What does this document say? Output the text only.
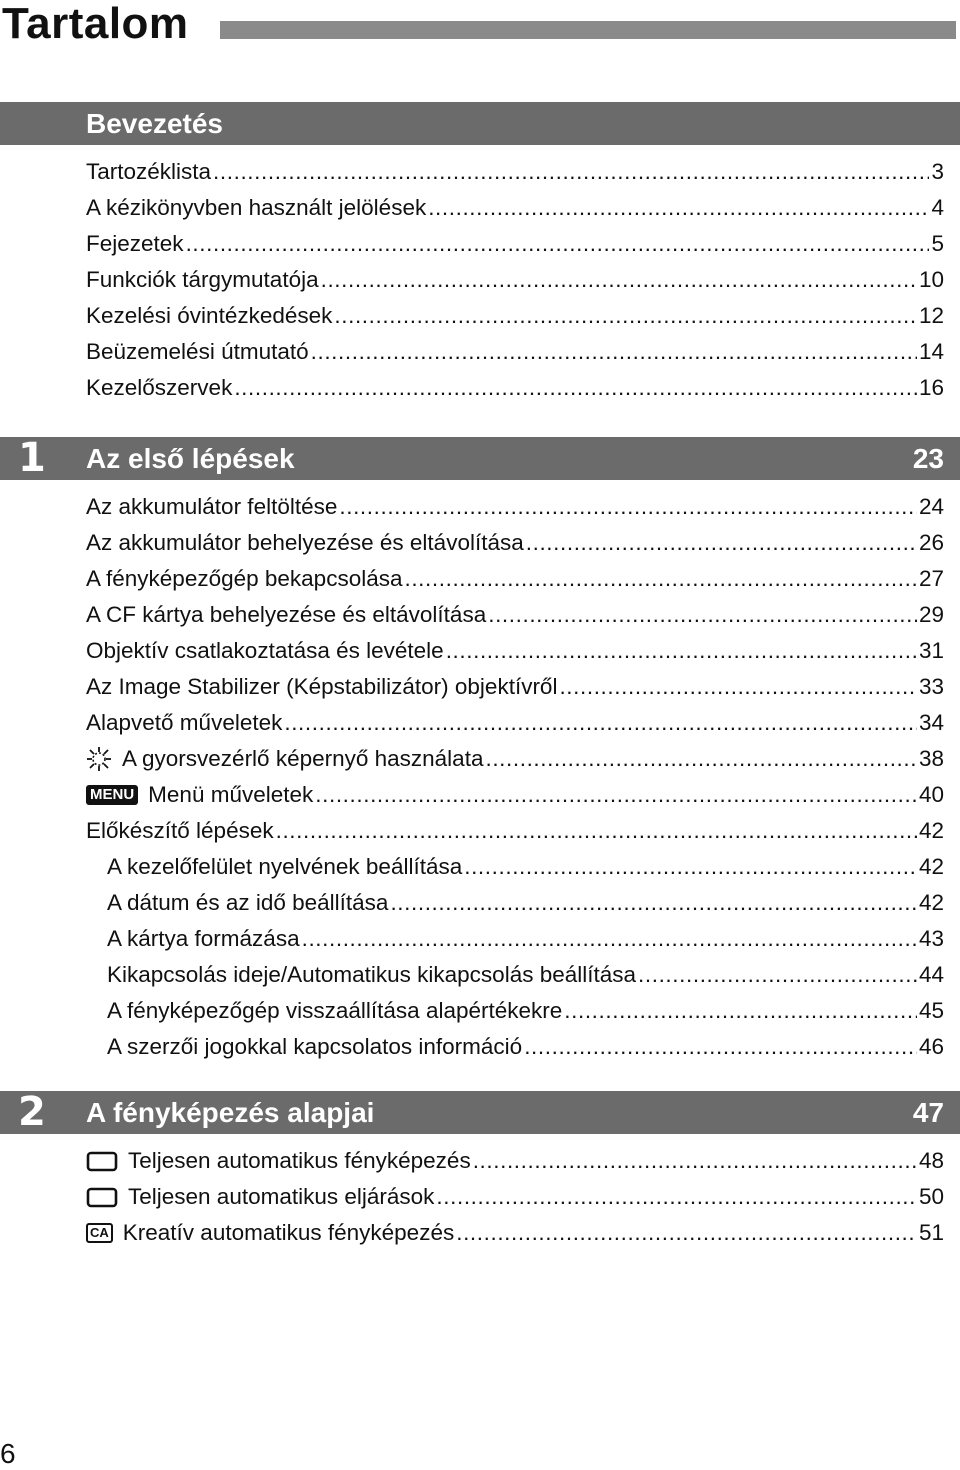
Tartalom
Bevezetés
Tartozéklista .....	3
A kézikönyvben használt jelölések .....	4
Fejezetek .....	5
Funkciók tárgymutatója .....	10
Kezelési óvintézkedések .....	12
Beüzemelési útmutató .....	14
Kezelőszervek .....	16
1 Az első lépések	23
Az akkumulátor feltöltése .....	24
Az akkumulátor behelyezése és eltávolítása .....	26
A fényképezőgép bekapcsolása .....	27
A CF kártya behelyezése és eltávolítása .....	29
Objektív csatlakoztatása és levétele .....	31
Az Image Stabilizer (Képstabilizátor) objektívről .....	33
Alapvető műveletek .....	34
A gyorsvezérlő képernyő használata .....	38
MENU Menü műveletek .....	40
Előkészítő lépések .....	42
A kezelőfelület nyelvének beállítása .....	42
A dátum és az idő beállítása .....	42
A kártya formázása .....	43
Kikapcsolás ideje/Automatikus kikapcsolás beállítása .....	44
A fényképezőgép visszaállítása alapértékekre .....	45
A szerzői jogokkal kapcsolatos információ .....	46
2 A fényképezés alapjai	47
Teljesen automatikus fényképezés .....	48
Teljesen automatikus eljárások .....	50
CA Kreatív automatikus fényképezés .....	51
6
